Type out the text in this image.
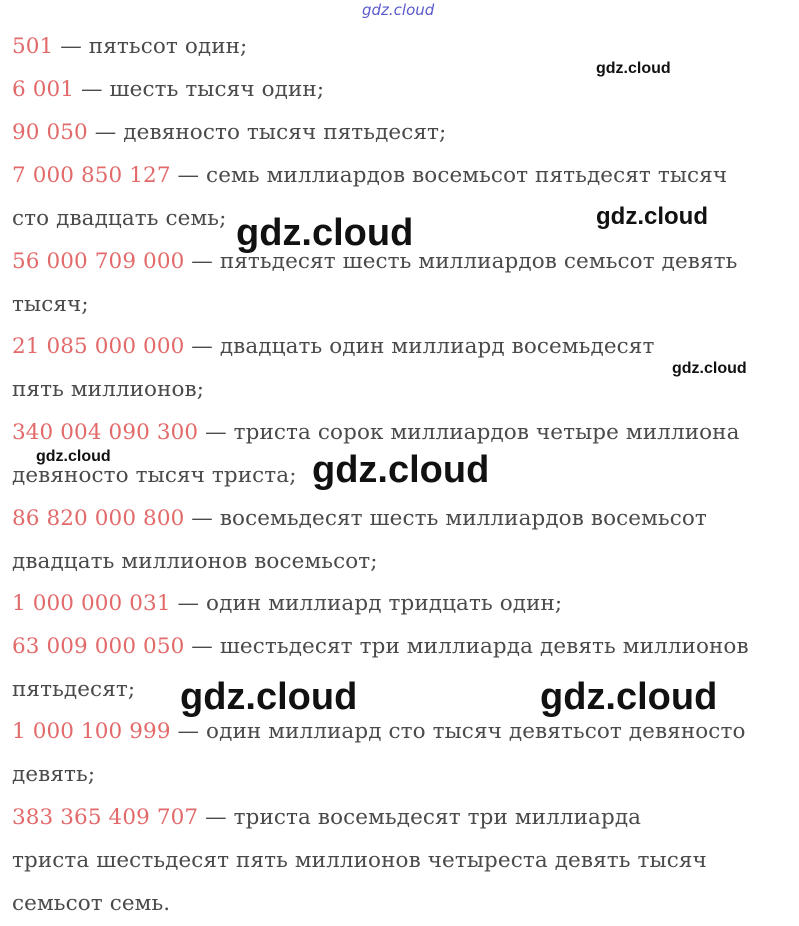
501 — пятьсот один;
6 001 — шесть тысяч один;
90 050 — девяносто тысяч пятьдесят;
7 000 850 127 — семь миллиардов восемьсот пятьдесят тысяч
сто двадцать семь;
56 000 709 000 — пятьдесят шесть миллиардов семьсот девять
тысяч;
21 085 000 000 — двадцать один миллиард восемьдесят
пять миллионов;
340 004 090 300 — триста сорок миллиардов четыре миллиона
девяносто тысяч триста;
86 820 000 800 — восемьдесят шесть миллиардов восемьсот
двадцать миллионов восемьсот;
1 000 000 031 — один миллиард тридцать один;
63 009 000 050 — шестьдесят три миллиарда девять миллионов
пятьдесят;
1 000 100 999 — один миллиард сто тысяч девятьсот девяносто
девять;
383 365 409 707 — триста восемьдесят три миллиарда
триста шестьдесят пять миллионов четыреста девять тысяч
семьсот семь.
gdz.cloud
gdz.cloud
gdz.cloud
gdz.cloud
gdz.cloud
gdz.cloud	gdz.cloud
gdz.cloud	gdz.cloud
